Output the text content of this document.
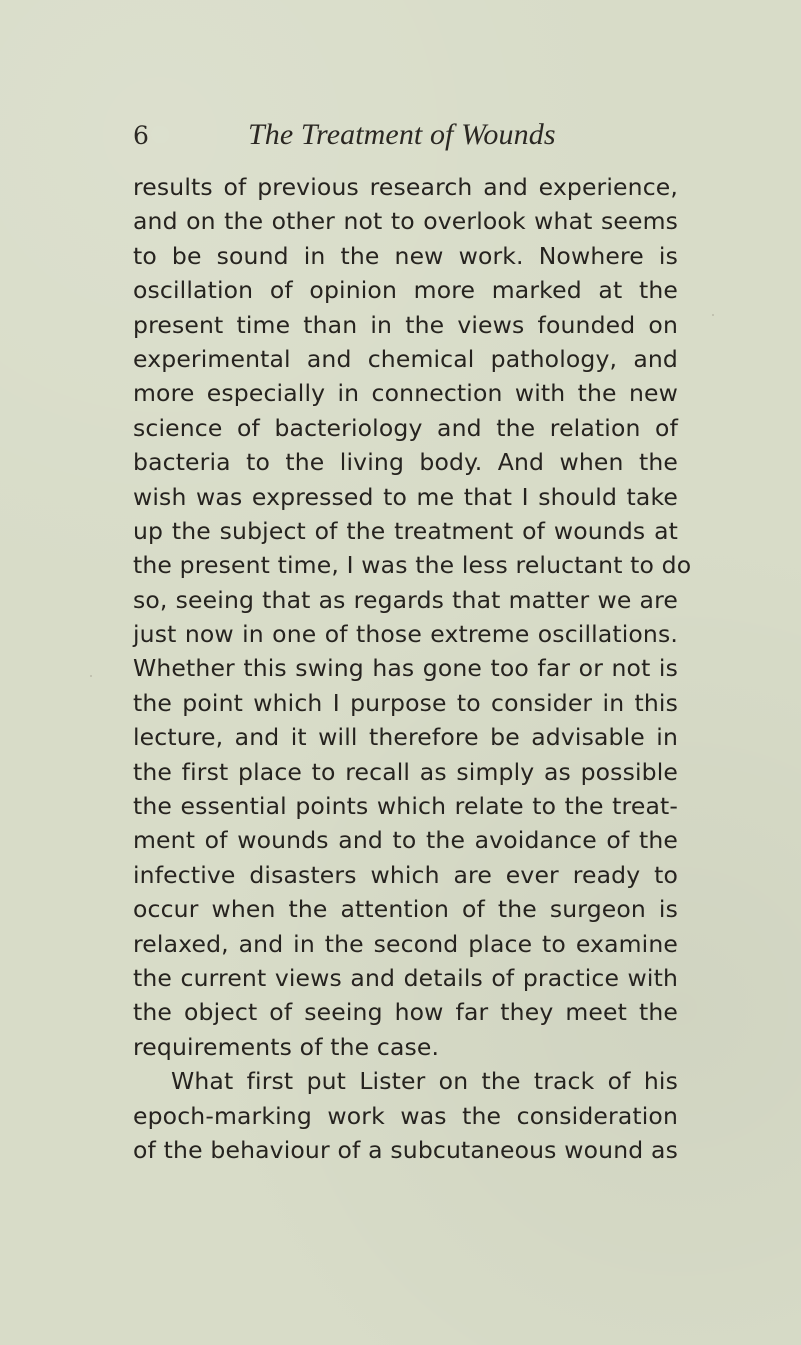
6	The Treatment of Wounds
results of previous research and experience,
and on the other not to overlook what seems
to be sound in the new work. Nowhere is
oscillation of opinion more marked at the
present time than in the views founded on
experimental and chemical pathology, and
more especially in connection with the new
science of bacteriology and the relation of
bacteria to the living body. And when the
wish was expressed to me that I should take
up the subject of the treatment of wounds at
the present time, I was the less reluctant to do
so, seeing that as regards that matter we are
just now in one of those extreme oscillations.
Whether this swing has gone too far or not is
the point which I purpose to consider in this
lecture, and it will therefore be advisable in
the first place to recall as simply as possible
the essential points which relate to the treat-
ment of wounds and to the avoidance of the
infective disasters which are ever ready to
occur when the attention of the surgeon is
relaxed, and in the second place to examine
the current views and details of practice with
the object of seeing how far they meet the
requirements of the case.
What first put Lister on the track of his
epoch-marking work was the consideration
of the behaviour of a subcutaneous wound as
